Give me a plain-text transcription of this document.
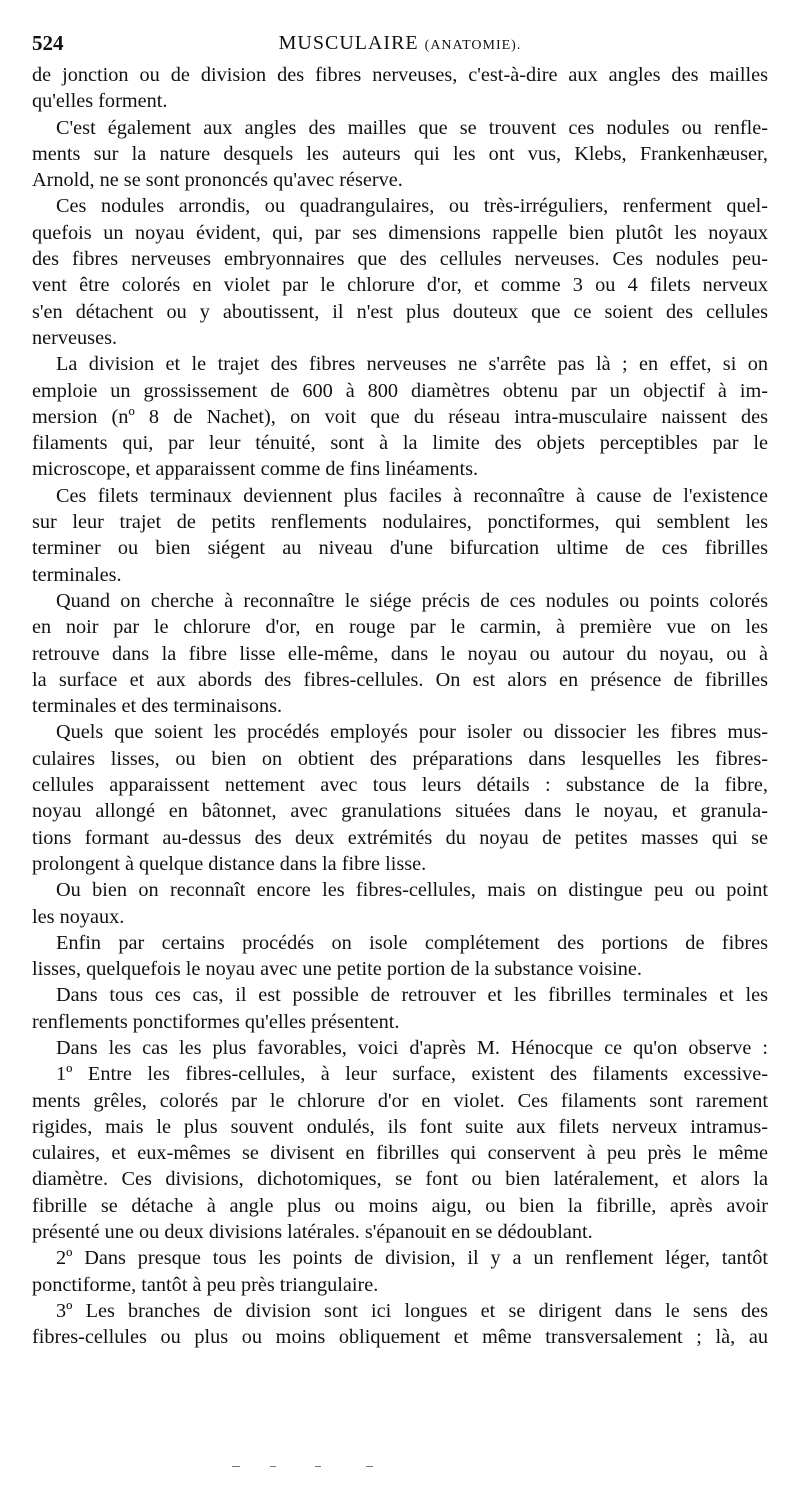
524	MUSCULAIRE (ANATOMIE).
de jonction ou de division des fibres nerveuses, c'est-à-dire aux angles des mailles
qu'elles forment.
C'est également aux angles des mailles que se trouvent ces nodules ou renfle-
ments sur la nature desquels les auteurs qui les ont vus, Klebs, Frankenhæuser,
Arnold, ne se sont prononcés qu'avec réserve.
Ces nodules arrondis, ou quadrangulaires, ou très-irréguliers, renferment quel-
quefois un noyau évident, qui, par ses dimensions rappelle bien plutôt les noyaux
des fibres nerveuses embryonnaires que des cellules nerveuses. Ces nodules peu-
vent être colorés en violet par le chlorure d'or, et comme 3 ou 4 filets nerveux
s'en détachent ou y aboutissent, il n'est plus douteux que ce soient des cellules
nerveuses.
La division et le trajet des fibres nerveuses ne s'arrête pas là ; en effet, si on
emploie un grossissement de 600 à 800 diamètres obtenu par un objectif à im-
mersion (nº 8 de Nachet), on voit que du réseau intra-musculaire naissent des
filaments qui, par leur ténuité, sont à la limite des objets perceptibles par le
microscope, et apparaissent comme de fins linéaments.
Ces filets terminaux deviennent plus faciles à reconnaître à cause de l'existence
sur leur trajet de petits renflements nodulaires, ponctiformes, qui semblent les
terminer ou bien siégent au niveau d'une bifurcation ultime de ces fibrilles
terminales.
Quand on cherche à reconnaître le siége précis de ces nodules ou points colorés
en noir par le chlorure d'or, en rouge par le carmin, à première vue on les
retrouve dans la fibre lisse elle-même, dans le noyau ou autour du noyau, ou à
la surface et aux abords des fibres-cellules. On est alors en présence de fibrilles
terminales et des terminaisons.
Quels que soient les procédés employés pour isoler ou dissocier les fibres mus-
culaires lisses, ou bien on obtient des préparations dans lesquelles les fibres-
cellules apparaissent nettement avec tous leurs détails : substance de la fibre,
noyau allongé en bâtonnet, avec granulations situées dans le noyau, et granula-
tions formant au-dessus des deux extrémités du noyau de petites masses qui se
prolongent à quelque distance dans la fibre lisse.
Ou bien on reconnaît encore les fibres-cellules, mais on distingue peu ou point
les noyaux.
Enfin par certains procédés on isole complétement des portions de fibres
lisses, quelquefois le noyau avec une petite portion de la substance voisine.
Dans tous ces cas, il est possible de retrouver et les fibrilles terminales et les
renflements ponctiformes qu'elles présentent.
Dans les cas les plus favorables, voici d'après M. Hénocque ce qu'on observe :
1º Entre les fibres-cellules, à leur surface, existent des filaments excessive-
ments grêles, colorés par le chlorure d'or en violet. Ces filaments sont rarement
rigides, mais le plus souvent ondulés, ils font suite aux filets nerveux intramus-
culaires, et eux-mêmes se divisent en fibrilles qui conservent à peu près le même
diamètre. Ces divisions, dichotomiques, se font ou bien latéralement, et alors la
fibrille se détache à angle plus ou moins aigu, ou bien la fibrille, après avoir
présenté une ou deux divisions latérales. s'épanouit en se dédoublant.
2º Dans presque tous les points de division, il y a un renflement léger, tantôt
ponctiforme, tantôt à peu près triangulaire.
3º Les branches de division sont ici longues et se dirigent dans le sens des
fibres-cellules ou plus ou moins obliquement et même transversalement ; là, au
